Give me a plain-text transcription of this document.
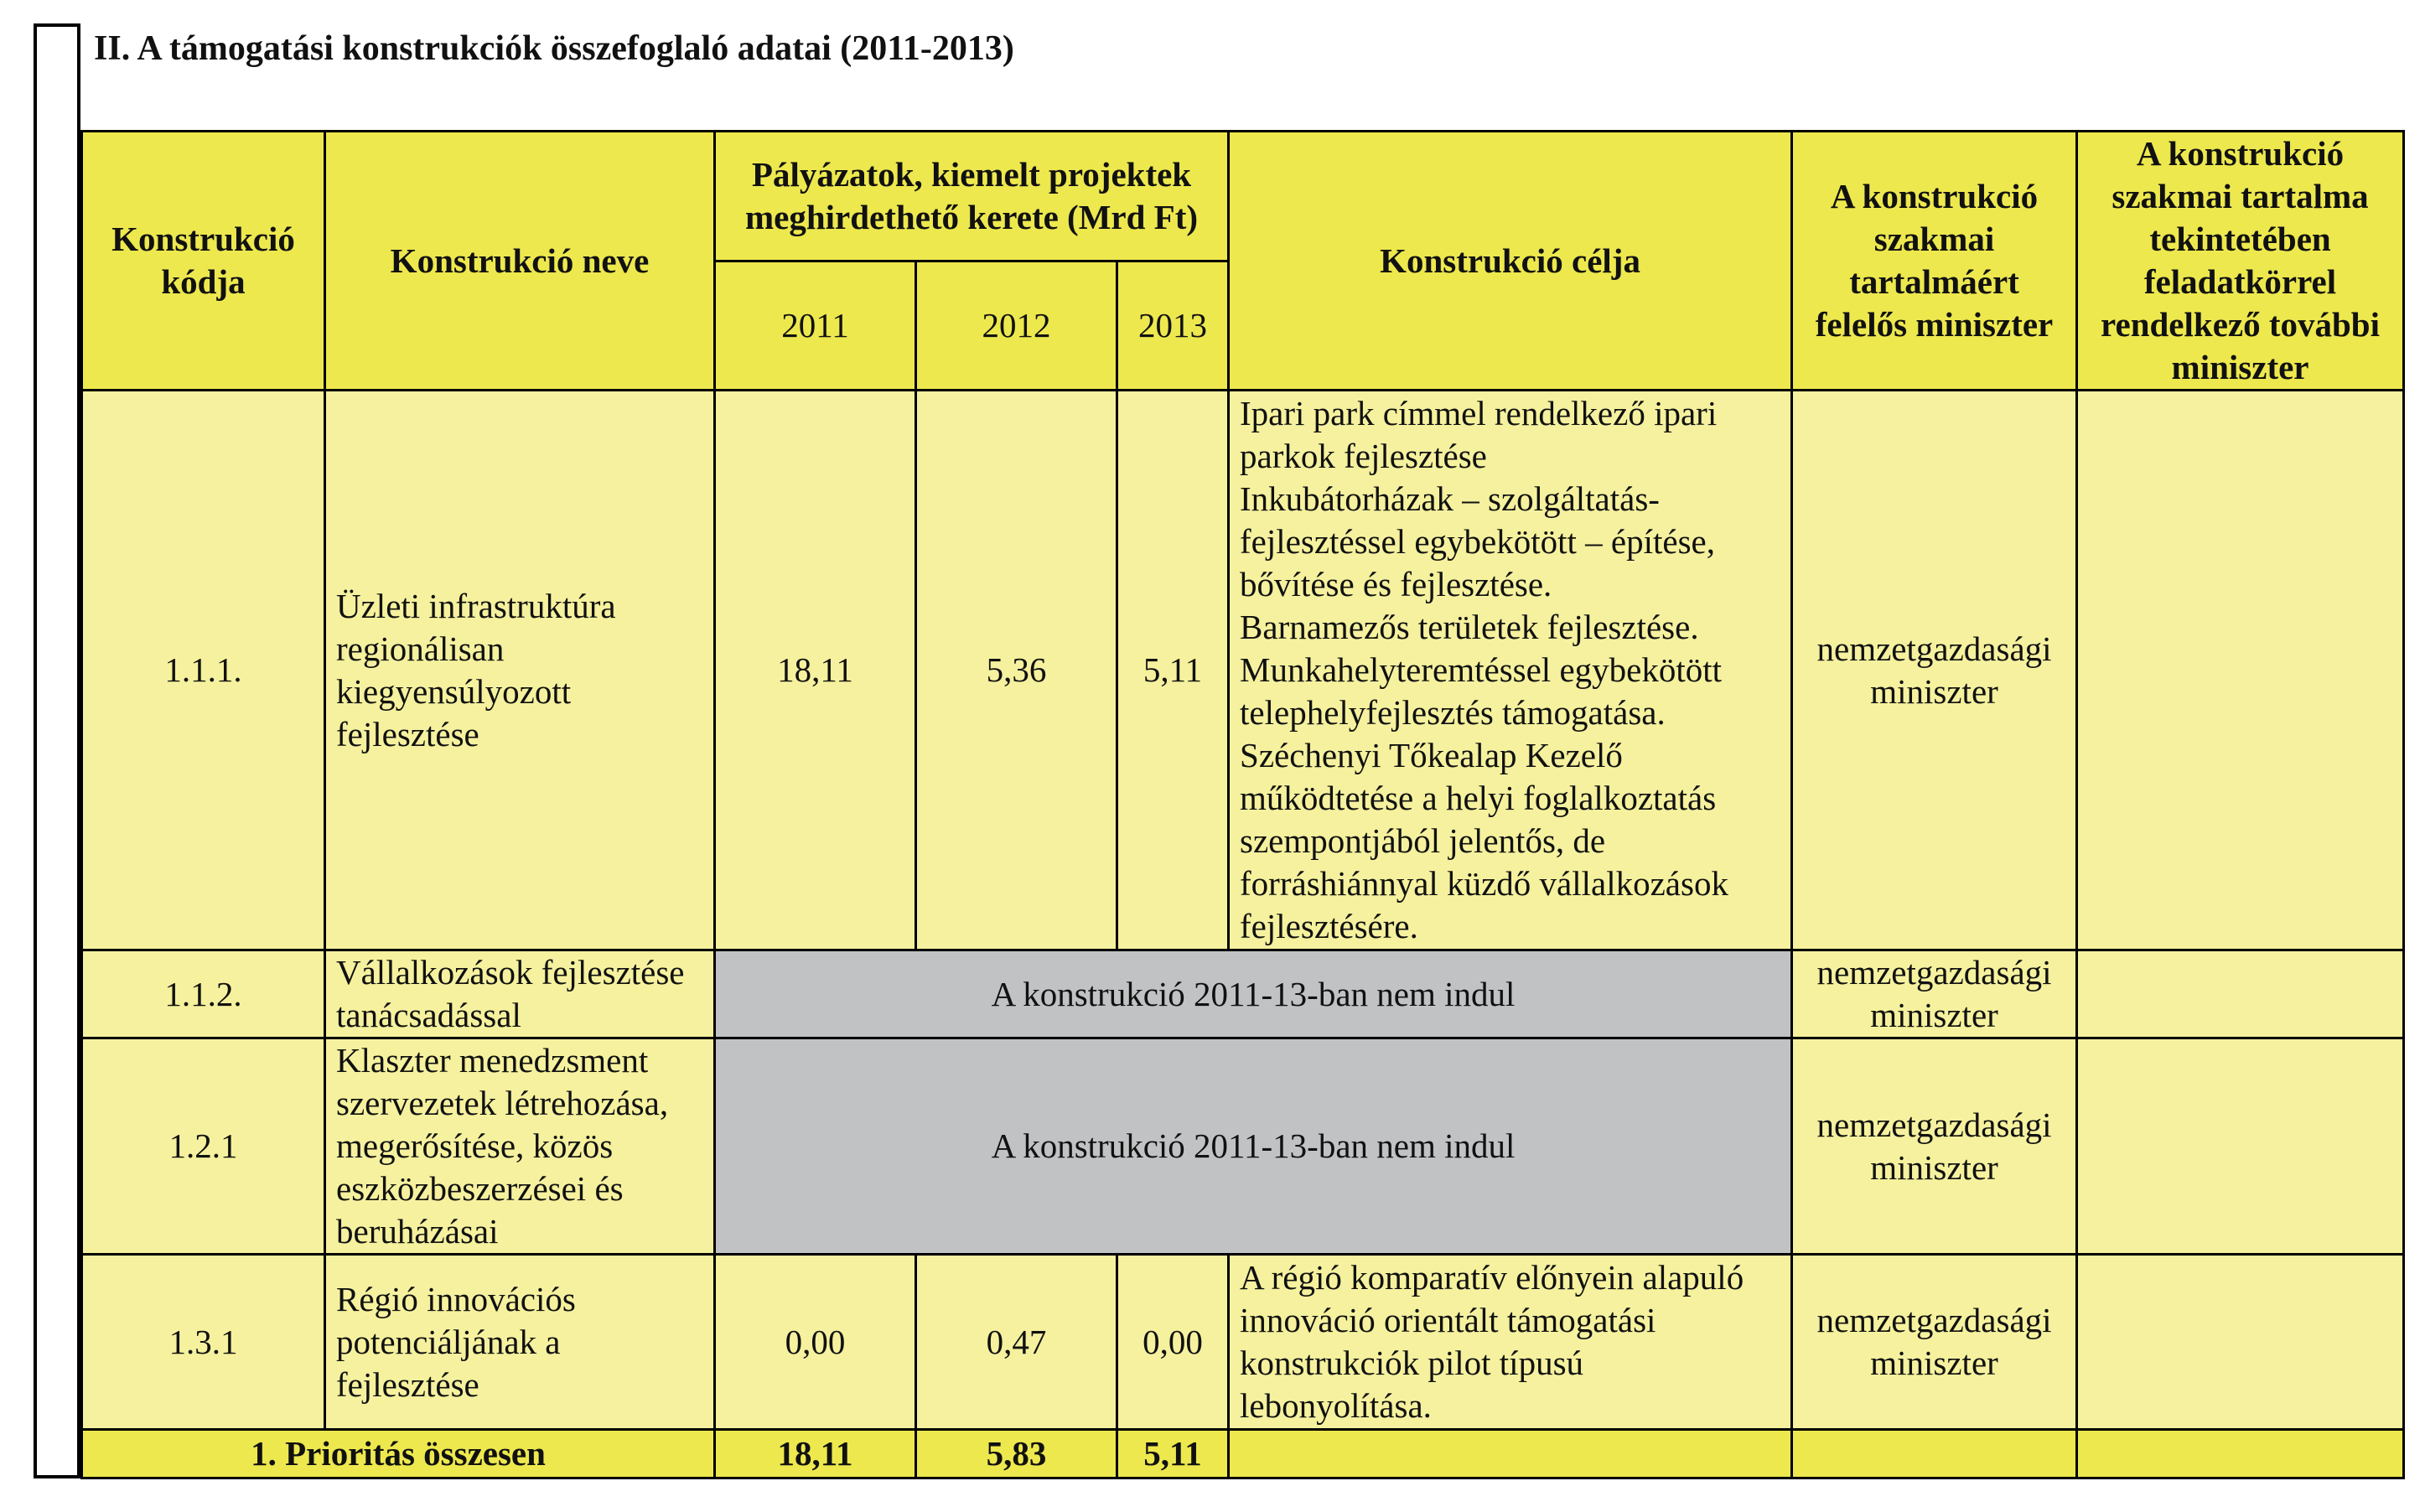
II. A támogatási konstrukciók összefoglaló adatai (2011-2013)
Konstrukció kódja	Konstrukció neve	Pályázatok, kiemelt projektek meghirdethető kerete (Mrd Ft)			Konstrukció célja	A konstrukció szakmai tartalmáért felelős miniszter	A konstrukció szakmai tartalma tekintetében feladatkörrel rendelkező további miniszter
		2011	2012	2013			
1.1.1.	Üzleti infrastruktúra regionálisan kiegyensúlyozott fejlesztése	18,11	5,36	5,11	Ipari park címmel rendelkező ipari parkok fejlesztése
Inkubátorházak – szolgáltatás-fejlesztéssel egybekötött – építése, bővítése és fejlesztése.
Barnamezős területek fejlesztése.
Munkahelyteremtéssel egybekötött telephelyfejlesztés támogatása.
Széchenyi Tőkealap Kezelő működtetése a helyi foglalkoztatás szempontjából jelentős, de forráshiánnyal küzdő vállalkozások fejlesztésére.	nemzetgazdasági miniszter	
1.1.2.	Vállalkozások fejlesztése tanácsadással	A konstrukció 2011-13-ban nem indul				nemzetgazdasági miniszter	
1.2.1	Klaszter menedzsment szervezetek létrehozása, megerősítése, közös eszközbeszerzései és beruházásai	A konstrukció 2011-13-ban nem indul				nemzetgazdasági miniszter	
1.3.1	Régió innovációs potenciáljának a fejlesztése	0,00	0,47	0,00	A régió komparatív előnyein alapuló innováció orientált támogatási konstrukciók pilot típusú lebonyolítása.	nemzetgazdasági miniszter	
1. Prioritás összesen		18,11	5,83	5,11			
